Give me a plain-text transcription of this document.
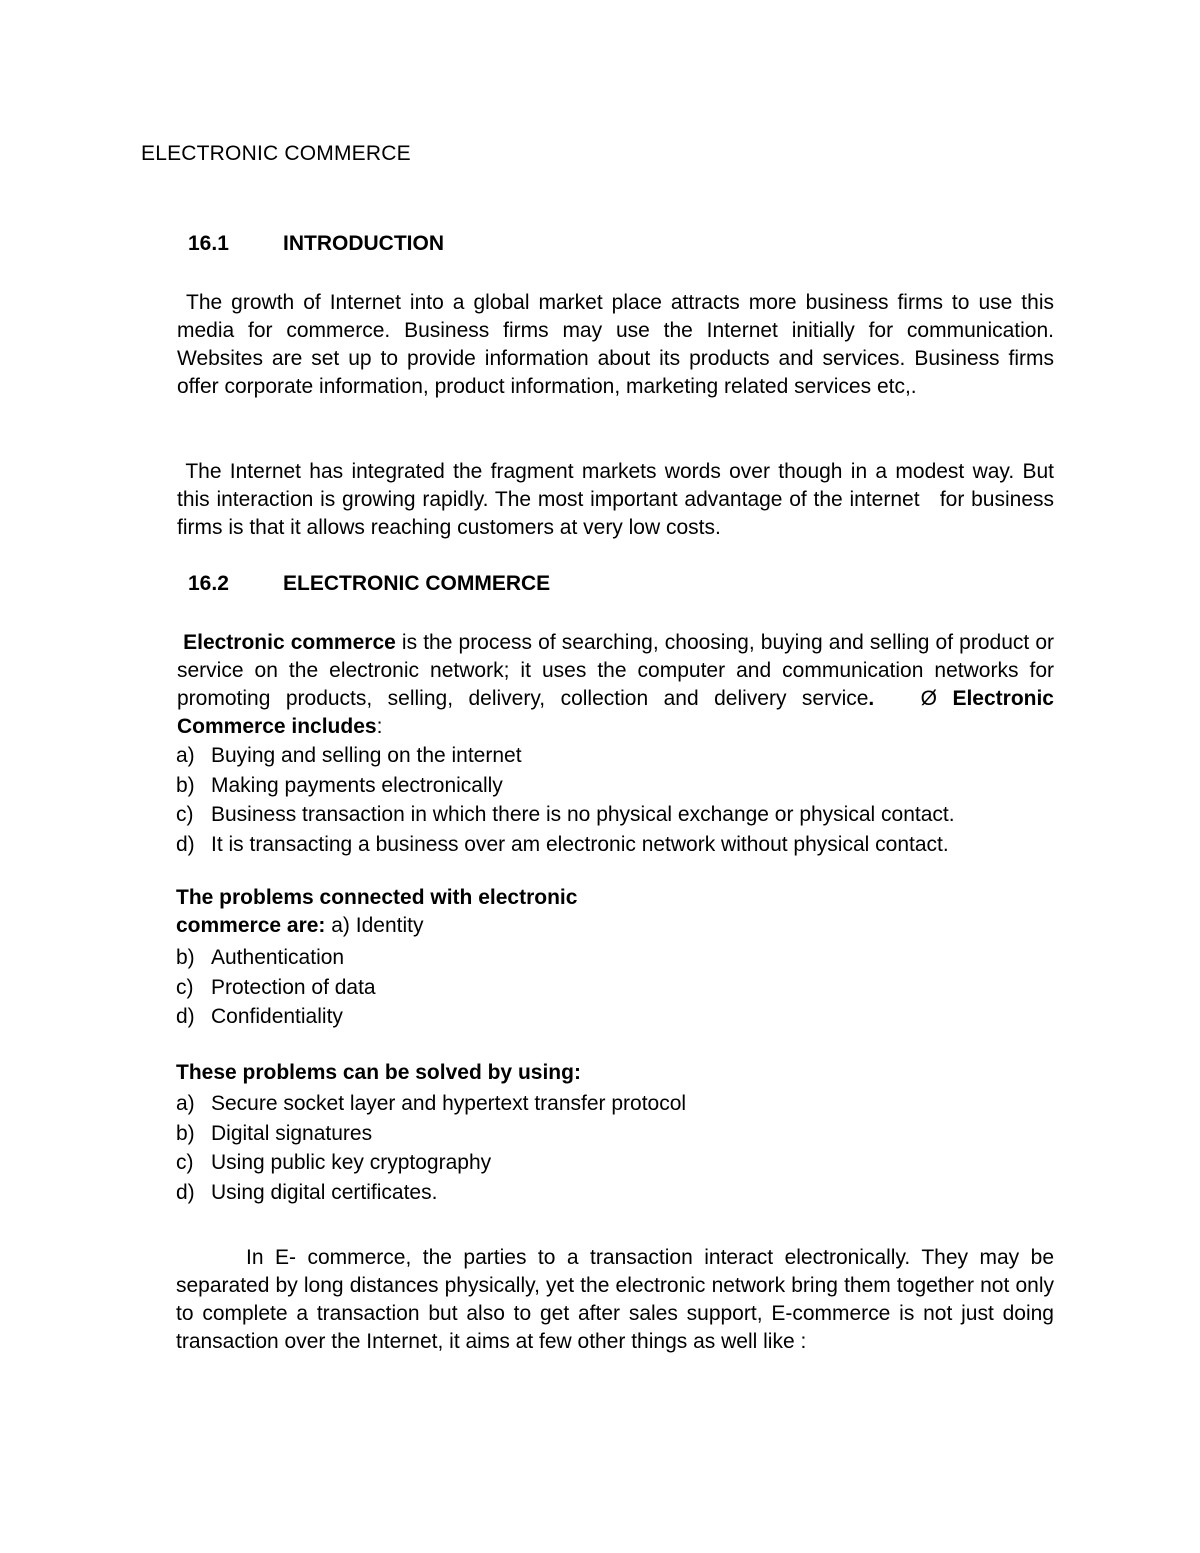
ELECTRONIC COMMERCE
16.1	INTRODUCTION

The growth of Internet into a global market place attracts more business firms to use this media for commerce. Business firms may use the Internet initially for communication. Websites are set up to provide information about its products and services. Business firms offer corporate information, product information, marketing related services etc,.

The Internet has integrated the fragment markets words over though in a modest way. But this interaction is growing rapidly. The most important advantage of the internet   for business firms is that it allows reaching customers at very low costs.

16.2	ELECTRONIC COMMERCE

Electronic commerce is the process of searching, choosing, buying and selling of product or service on the electronic network; it uses the computer and communication networks for promoting products, selling, delivery, collection and delivery service. Ø Electronic Commerce includes:

a) Buying and selling on the internet
b) Making payments electronically
c) Business transaction in which there is no physical exchange or physical contact.
d) It is transacting a business over am electronic network without physical contact.
The problems connected with electronic
commerce are: a) Identity
b) Authentication
c) Protection of data
d) Confidentiality
These problems can be solved by using:
a) Secure socket layer and hypertext transfer protocol
b) Digital signatures
c) Using public key cryptography
d) Using digital certificates.

In E- commerce, the parties to a transaction interact electronically. They may be separated by long distances physically, yet the electronic network bring them together not only to complete a transaction but also to get after sales support, E-commerce is not just doing transaction over the Internet, it aims at few other things as well like :
